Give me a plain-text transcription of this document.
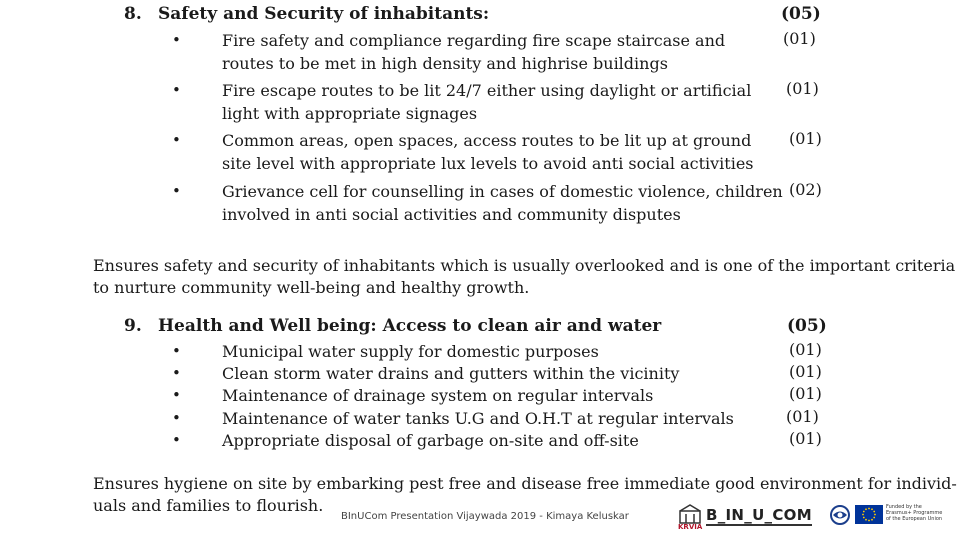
8. Safety and Security of inhabitants:	(05)
•	Fire safety and compliance regarding fire scape staircase and
routes to be met in high density and highrise buildings
(01)
•	Fire escape routes to be lit 24/7 either using daylight or artificial
light with appropriate signages
(01)
•	Common areas, open spaces, access routes to be lit up at ground
site level with appropriate lux levels to avoid anti social activities
(01)
•	Grievance cell for counselling in cases of domestic violence, children
involved in anti social activities and community disputes
(02)
Ensures safety and security of inhabitants which is usually overlooked and is one of the important criteria
to nurture community well-being and healthy growth.
9. Health and Well being: Access to clean air and water	(05)
•	Municipal water supply for domestic purposes	(01)
•	Clean storm water drains and gutters within the vicinity	(01)
•	Maintenance of drainage system on regular intervals	(01)
•	Maintenance of water tanks U.G and O.H.T at regular intervals	(01)
•	Appropriate disposal of garbage on-site and off-site	(01)
Ensures hygiene on site by embarking pest free and disease free immediate good environment for individ-
uals and families to flourish.
BInUCom Presentation Vijaywada 2019 - Kimaya Keluskar
KRVIA
B_IN_U_COM	Funded by the
Erasmus+ Programme
of the European Union
